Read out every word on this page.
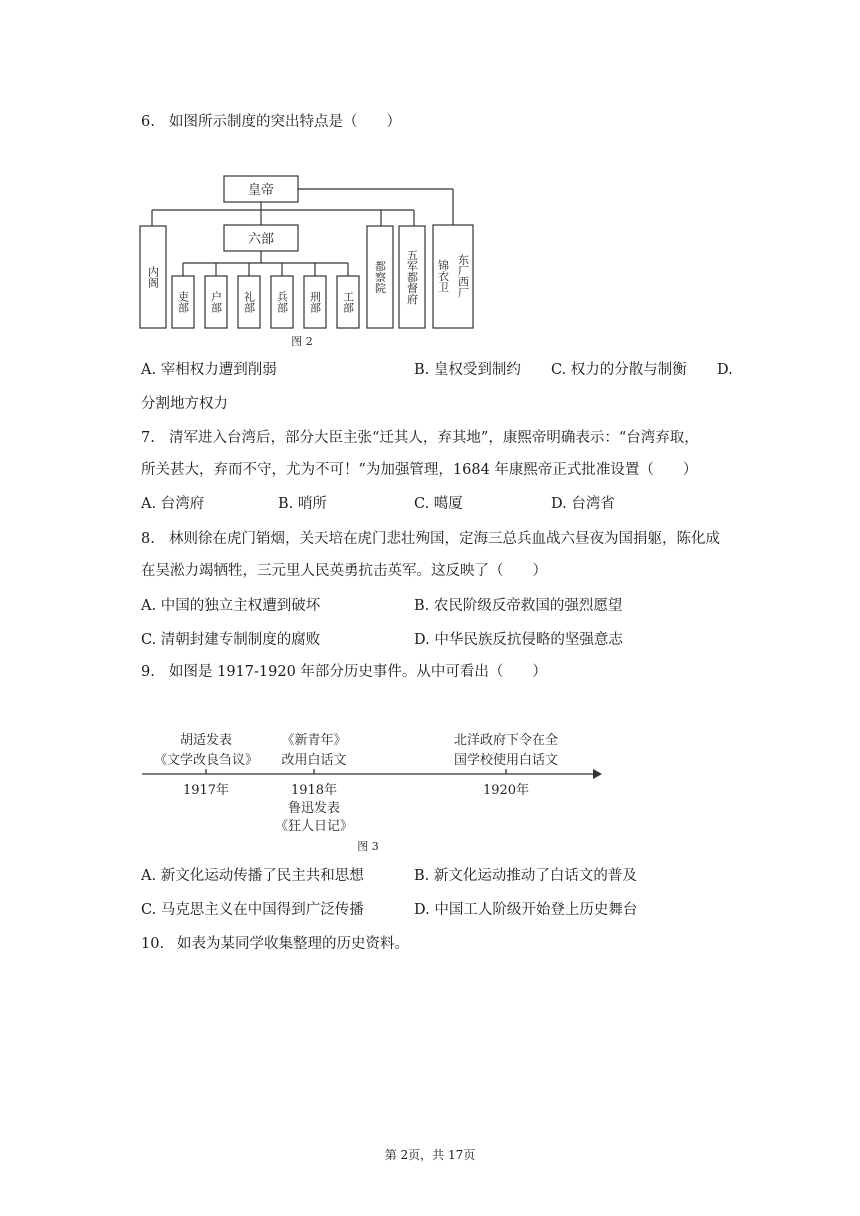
6. 如图所示制度的突出特点是（　　）
皇帝
六部
内阁
吏部 户部 礼部 兵部 刑部 工部
都察院 五军都督府	东厂西厂
锦衣卫
图 2
A. 宰相权力遭到削弱	B. 皇权受到制约 C. 权力的分散与制衡 D.
分割地方权力
7. 清军进入台湾后，部分大臣主张“迁其人，弃其地”，康熙帝明确表示：“台湾弃取，
所关甚大，弃而不守，尤为不可！”为加强管理，1684 年康熙帝正式批准设置（　　）
A. 台湾府	B. 哨所	C. 噶厦	D. 台湾省
8. 林则徐在虎门销烟，关天培在虎门悲壮殉国，定海三总兵血战六昼夜为国捐躯，陈化成
在吴淞力竭牺牲，三元里人民英勇抗击英军。这反映了（　　）
A. 中国的独立主权遭到破坏	B. 农民阶级反帝救国的强烈愿望
C. 清朝封建专制制度的腐败	D. 中华民族反抗侵略的坚强意志
9. 如图是 1917-1920 年部分历史事件。从中可看出（　　）
胡适发表
《文学改良刍议》
《新青年》
改用白话文
北洋政府下令在全
国学校使用白话文
1917年	1918年	1920年
鲁迅发表
《狂人日记》
图 3
A. 新文化运动传播了民主共和思想	B. 新文化运动推动了白话文的普及
C. 马克思主义在中国得到广泛传播	D. 中国工人阶级开始登上历史舞台
10. 如表为某同学收集整理的历史资料。
第 2页，共 17页
